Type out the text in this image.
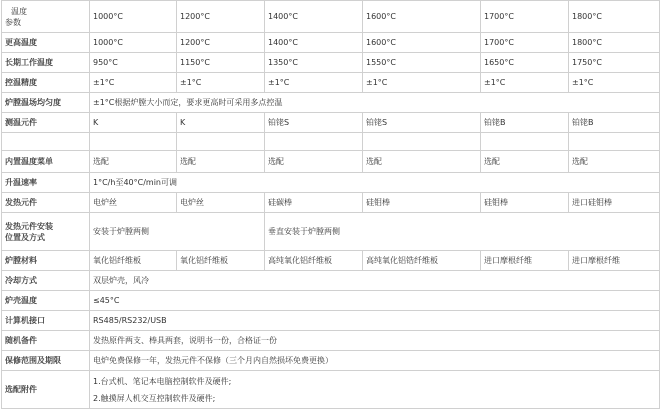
温度
参数	1000°C	1200°C	1400°C	1600°C	1700°C	1800°C
更高温度	1000°C	1200°C	1400°C	1600°C	1700°C	1800°C
长期工作温度	950°C	1150°C	1350°C	1550°C	1650°C	1750°C
控温精度	±1°C	±1°C	±1°C	±1°C	±1°C	±1°C
炉膛温场均匀度	±1°C根据炉膛大小而定，要求更高时可采用多点控温					
测温元件	K	K	铂铑S	铂铑S	铂铑B	铂铑B

内置温度菜单	选配	选配	选配	选配	选配	选配
升温速率	1°C/h至40°C/min可调					
发热元件	电炉丝	电炉丝	硅碳棒	硅钼棒	硅钼棒	进口硅钼棒

发热元件安装
位置及方式	安装于炉膛两侧		垂直安装于炉膛两侧			
炉膛材料	氧化铝纤维板	氧化铝纤维板	高纯氧化铝纤维板	高纯氧化铝锆纤维板	进口摩根纤维	进口摩根纤维
冷却方式	双层炉壳，风冷					
炉壳温度	≤45°C					
计算机接口	RS485/RS232/USB					
随机备件	发热原件两支、棒具两套，说明书一份，合格证一份					
保修范围及期限	电炉免费保修一年，发热元件不保修（三个月内自然损坏免费更换）					
选配附件	1.台式机、笔记本电脑控制软件及硬件;
2.触摸屏人机交互控制软件及硬件;					
